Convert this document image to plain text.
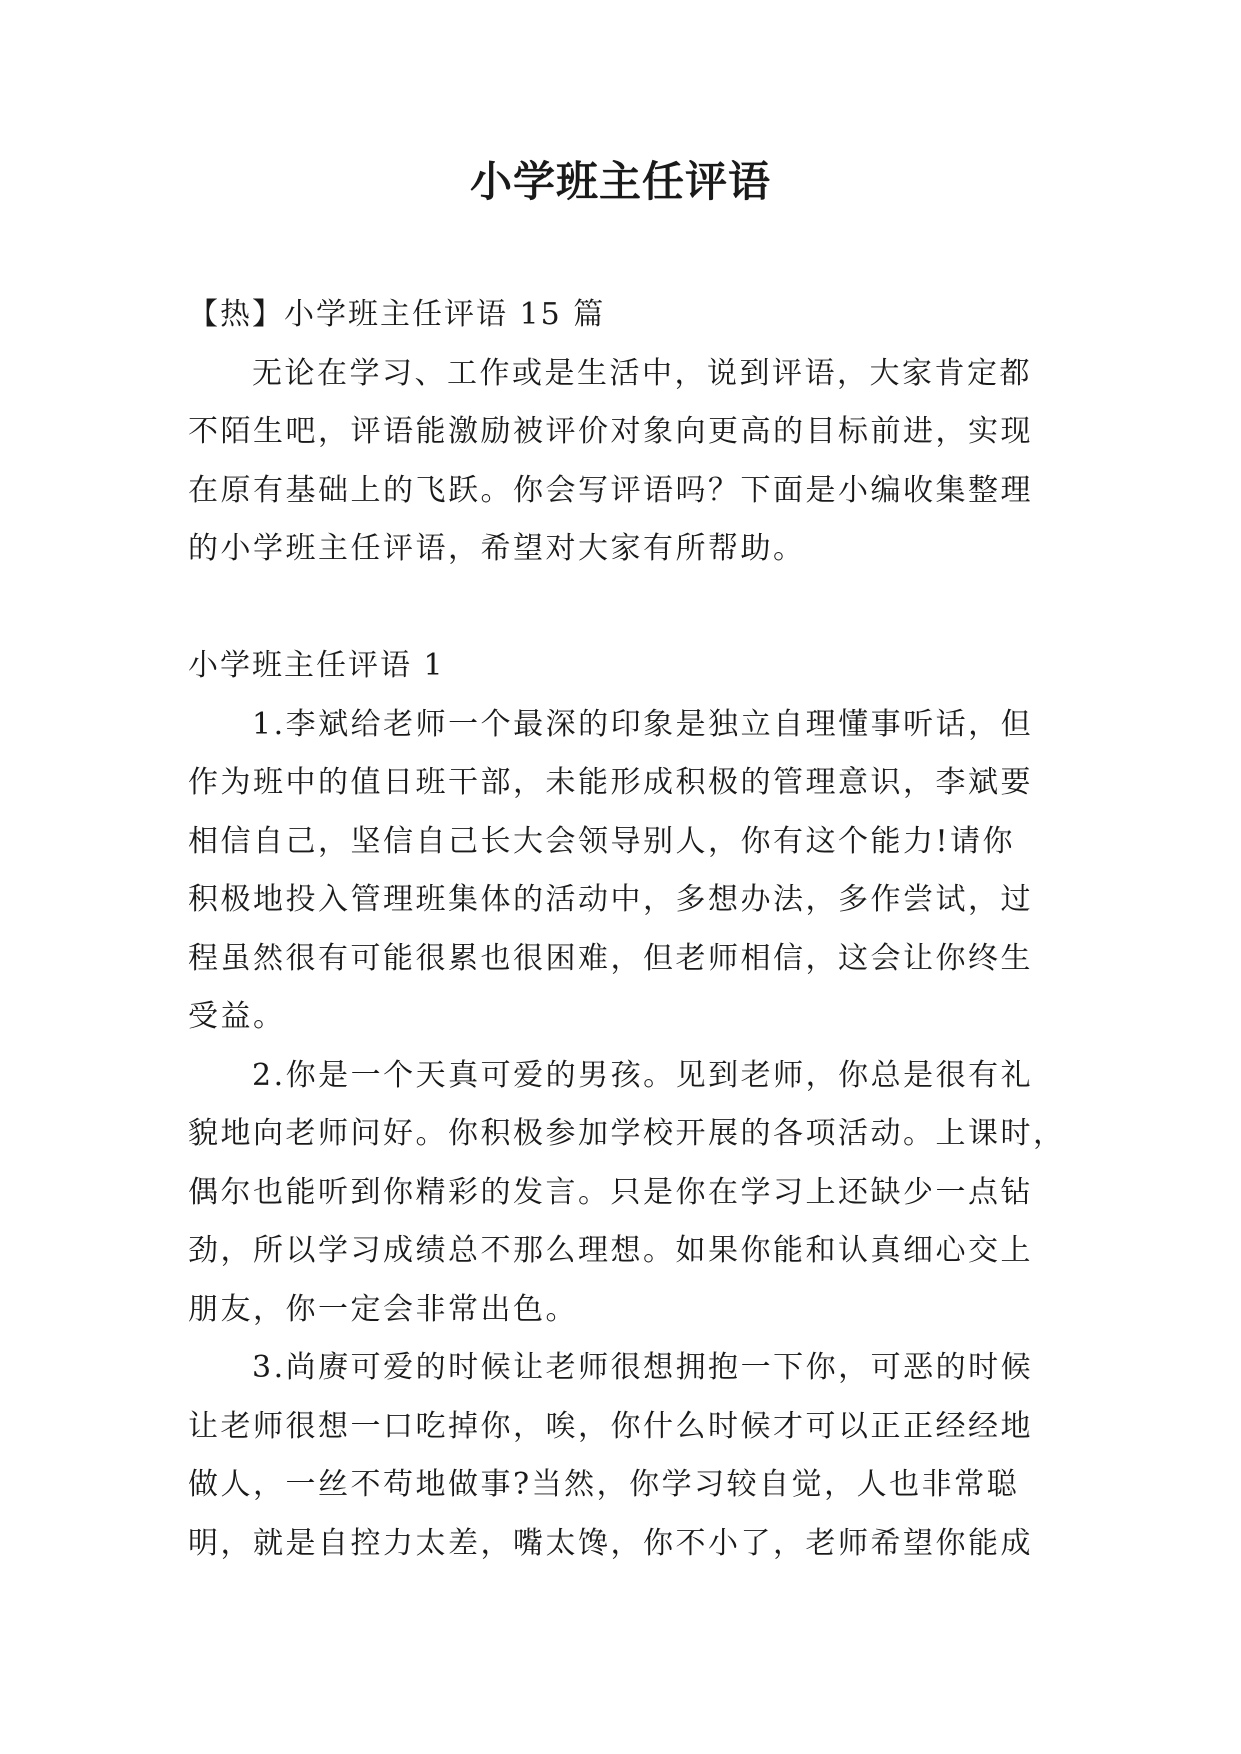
小学班主任评语

【热】小学班主任评语 15 篇

无论在学习、工作或是生活中，说到评语，大家肯定都

不陌生吧，评语能激励被评价对象向更高的目标前进，实现

在原有基础上的飞跃。你会写评语吗？下面是小编收集整理

的小学班主任评语，希望对大家有所帮助。

小学班主任评语 1

1.李斌给老师一个最深的印象是独立自理懂事听话，但

作为班中的值日班干部，未能形成积极的管理意识，李斌要

相信自己，坚信自己长大会领导别人，你有这个能力!请你

积极地投入管理班集体的活动中，多想办法，多作尝试，过

程虽然很有可能很累也很困难，但老师相信，这会让你终生

受益。

2.你是一个天真可爱的男孩。见到老师，你总是很有礼

貌地向老师问好。你积极参加学校开展的各项活动。上课时，

偶尔也能听到你精彩的发言。只是你在学习上还缺少一点钻

劲，所以学习成绩总不那么理想。如果你能和认真细心交上

朋友，你一定会非常出色。

3.尚赓可爱的时候让老师很想拥抱一下你，可恶的时候

让老师很想一口吃掉你，唉，你什么时候才可以正正经经地

做人，一丝不苟地做事?当然，你学习较自觉，人也非常聪

明，就是自控力太差，嘴太馋，你不小了，老师希望你能成
